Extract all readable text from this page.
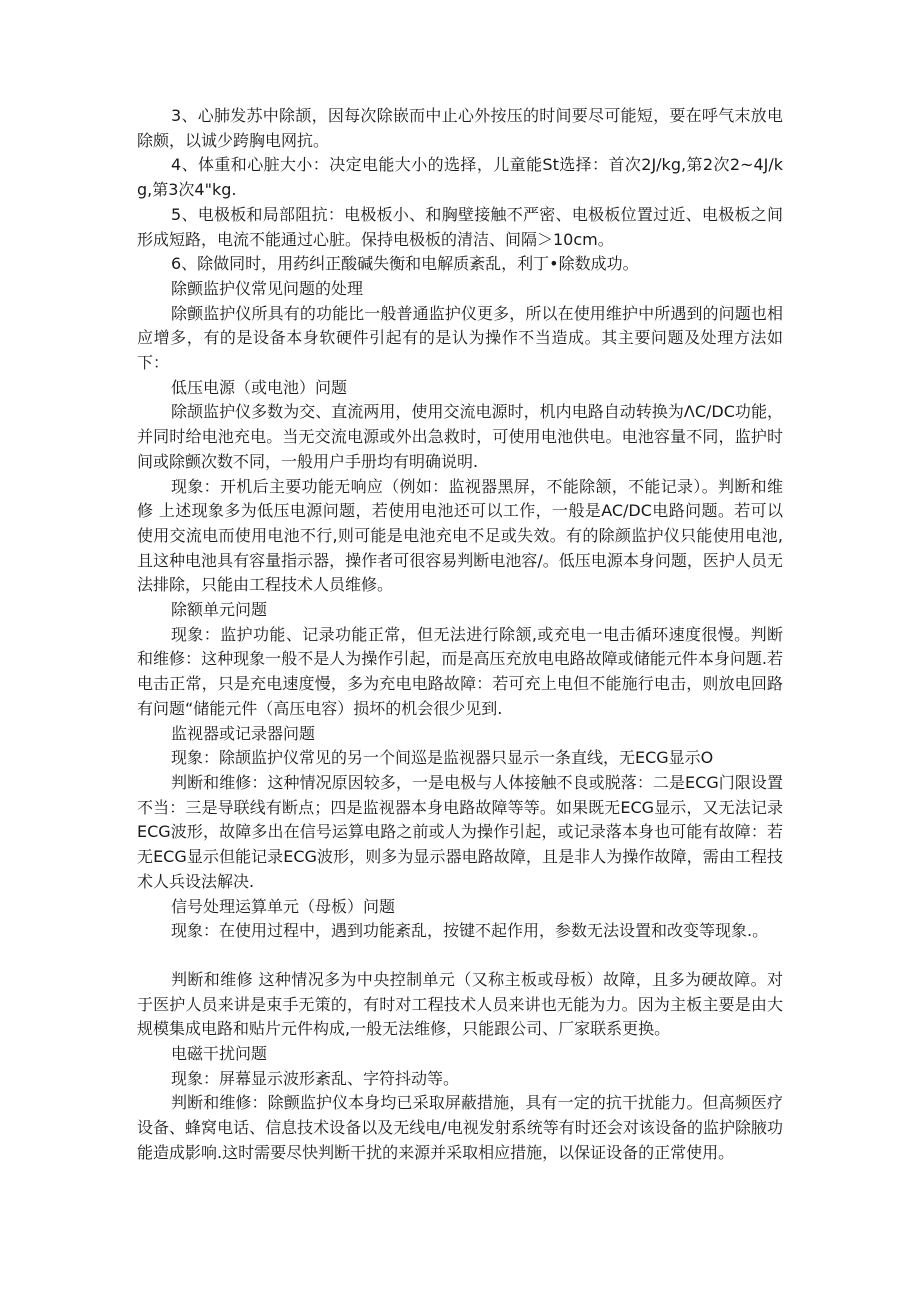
3、心肺发苏中除颉，因每次除嵌而中止心外按压的时间要尽可能短，要在呼气末放电除颇，以诚少跨胸电网抗。

4、体重和心脏大小：决定电能大小的选择，儿童能St选择：首次2J∕kg,第2次2~4J∕kg,第3次4"kg.

5、电极板和局部阻抗：电极板小、和胸壁接触不严密、电极板位置过近、电极板之间形成短路，电流不能通过心脏。保持电极板的清洁、间隔＞10cm。

6、除做同时，用药纠正酸碱失衡和电解质紊乱，利丁•除数成功。

除颤监护仪常见问题的处理

除颤监护仪所具有的功能比一般普通监护仪更多，所以在使用维护中所遇到的问题也相应增多，有的是设备本身软硬件引起有的是认为操作不当造成。其主要问题及处理方法如下：

低压电源（或电池）问题

除颉监护仪多数为交、直流两用，使用交流电源时，机内电路自动转换为ΛC∕DC功能，并同时给电池充电。当无交流电源或外出急救时，可使用电池供电。电池容量不同，监护时间或除颤次数不同，一般用户手册均有明确说明.

现象：开机后主要功能无响应（例如：监视器黑屏，不能除颔，不能记录）。判断和维修 上述现象多为低压电源问题，若使用电池还可以工作，一般是AC/DC电路问题。若可以使用交流电而使用电池不行,则可能是电池充电不足或失效。有的除颜监护仪只能使用电池,且这种电池具有容量指示器，操作者可很容易判断电池容/。低压电源本身问题，医护人员无法排除，只能由工程技术人员维修。

除额单元问题

现象：监护功能、记录功能正常，但无法进行除颔,或充电一电击循环速度很慢。判断和维修：这种现象一般不是人为操作引起，而是高压充放电电路故障或储能元件本身问题.若电击正常，只是充电速度慢，多为充电电路故障：若可充上电但不能施行电击，则放电回路有问题“储能元件（高压电容）损坏的机会很少见到.

监视器或记录器问题

现象：除颉监护仪常见的另一个间巡是监视器只显示一条直线，无ECG显示O

判断和维修：这种情况原因较多，一是电极与人体接触不良或脱落：二是ECG门限设置不当：三是导联线有断点；四是监视器本身电路故障等等。如果既无ECG显示，又无法记录ECG波形，故障多出在信号运算电路之前或人为操作引起，或记录落本身也可能有故障：若无ECG显示但能记录ECG波形，则多为显示器电路故障，且是非人为操作故障，需由工程技术人兵设法解决.

信号处理运算单元（母板）问题

现象：在使用过程中，遇到功能紊乱，按键不起作用，参数无法设置和改变等现象.。

判断和维修 这种情况多为中央控制单元（又称主板或母板）故障，且多为硬故障。对于医护人员来讲是束手无策的，有时对工程技术人员来讲也无能为力。因为主板主要是由大规模集成电路和贴片元件构成,一般无法维修，只能跟公司、厂家联系更换。

电磁干扰问题

现象：屏幕显示波形紊乱、字符抖动等。

判断和维修：除颤监护仪本身均已采取屏蔽措施，具有一定的抗干扰能力。但高频医疗设备、蜂窝电话、信息技术设备以及无线电/电视发射系统等有时还会对该设备的监护除腋功能造成影响.这时需要尽快判断干扰的来源并采取相应措施，以保证设备的正常使用。
